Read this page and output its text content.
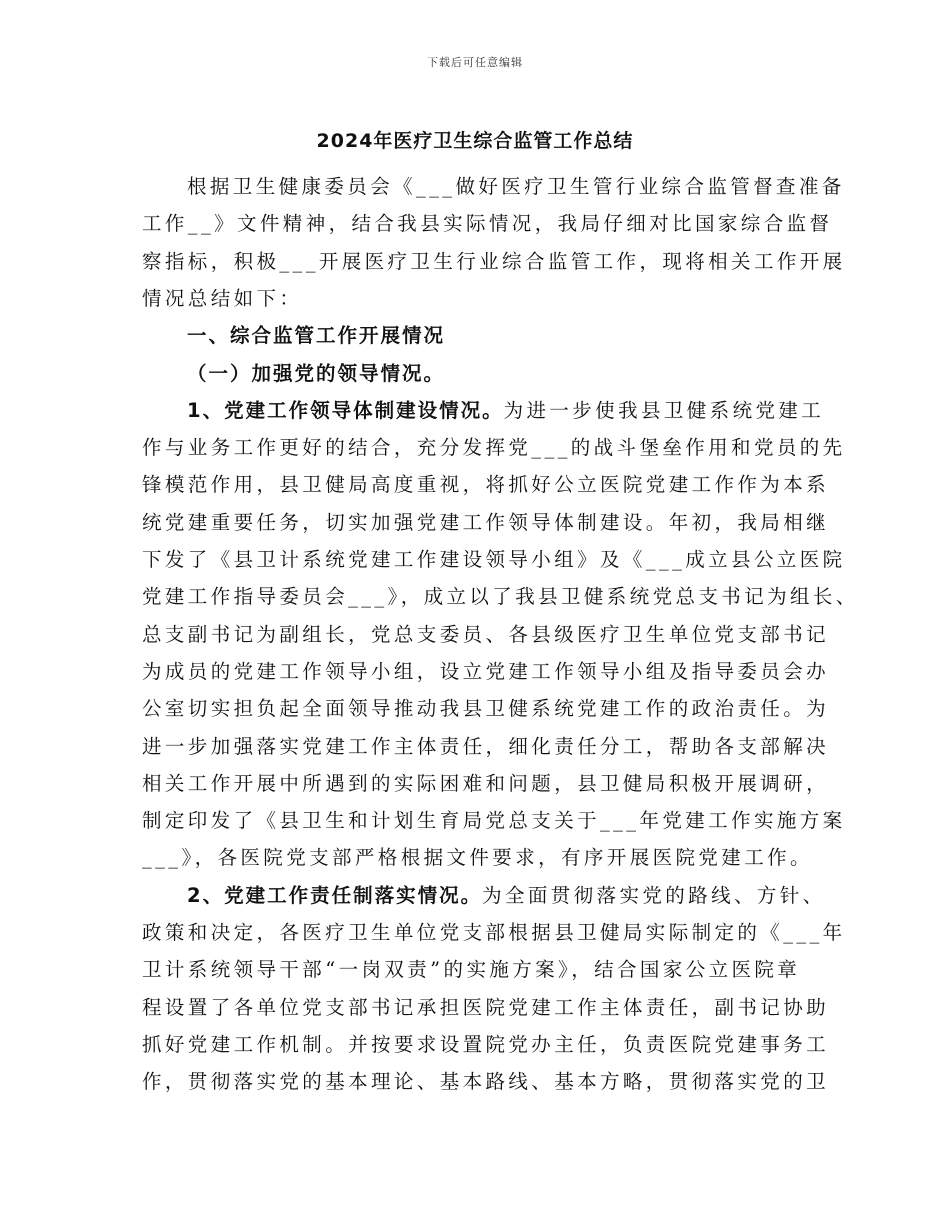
下载后可任意编辑
2024年医疗卫生综合监管工作总结
根据卫生健康委员会《___做好医疗卫生管行业综合监管督查准备
工作__》文件精神，结合我县实际情况，我局仔细对比国家综合监督
察指标，积极___开展医疗卫生行业综合监管工作，现将相关工作开展
情况总结如下：
一、综合监管工作开展情况
（一）加强党的领导情况。
1、党建工作领导体制建设情况。为进一步使我县卫健系统党建工
作与业务工作更好的结合，充分发挥党___的战斗堡垒作用和党员的先
锋模范作用，县卫健局高度重视，将抓好公立医院党建工作作为本系
统党建重要任务，切实加强党建工作领导体制建设。年初，我局相继
下发了《县卫计系统党建工作建设领导小组》及《___成立县公立医院
党建工作指导委员会___》，成立以了我县卫健系统党总支书记为组长、
总支副书记为副组长，党总支委员、各县级医疗卫生单位党支部书记
为成员的党建工作领导小组，设立党建工作领导小组及指导委员会办
公室切实担负起全面领导推动我县卫健系统党建工作的政治责任。为
进一步加强落实党建工作主体责任，细化责任分工，帮助各支部解决
相关工作开展中所遇到的实际困难和问题，县卫健局积极开展调研，
制定印发了《县卫生和计划生育局党总支关于___年党建工作实施方案
___》，各医院党支部严格根据文件要求，有序开展医院党建工作。
2、党建工作责任制落实情况。为全面贯彻落实党的路线、方针、
政策和决定，各医疗卫生单位党支部根据县卫健局实际制定的《___年
卫计系统领导干部“一岗双责”的实施方案》，结合国家公立医院章
程设置了各单位党支部书记承担医院党建工作主体责任，副书记协助
抓好党建工作机制。并按要求设置院党办主任，负责医院党建事务工
作，贯彻落实党的基本理论、基本路线、基本方略，贯彻落实党的卫
